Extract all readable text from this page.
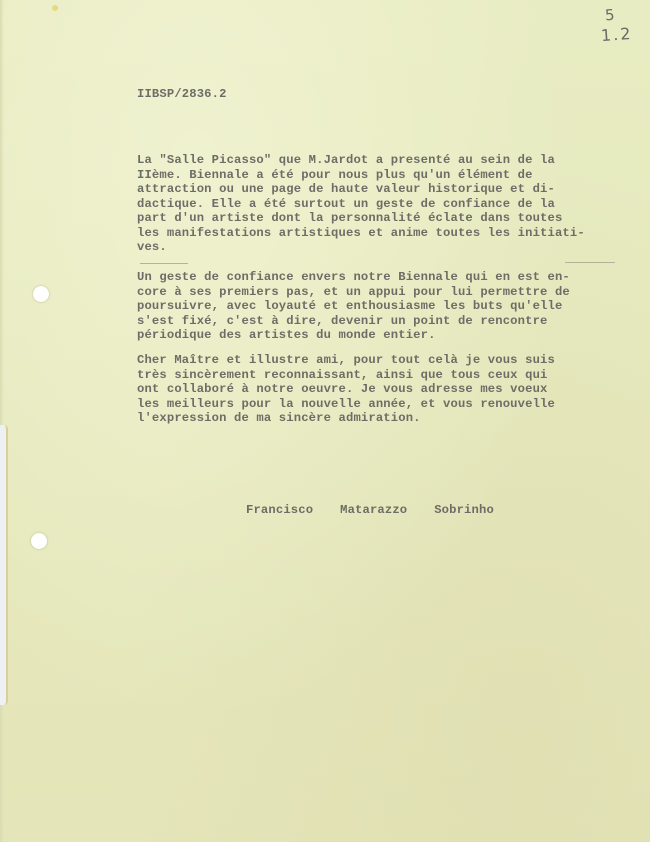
5
1.2
IIBSP/2836.2
La "Salle Picasso" que M.Jardot a presenté au sein de la
IIème. Biennale a été pour nous plus qu'un élément de
attraction ou une page de haute valeur historique et di-
dactique. Elle a été surtout un geste de confiance de la
part d'un artiste dont la personnalité éclate dans toutes
les manifestations artistiques et anime toutes les initiati-
ves.
Un geste de confiance envers notre Biennale qui en est en-
core à ses premiers pas, et un appui pour lui permettre de
poursuivre, avec loyauté et enthousiasme les buts qu'elle
s'est fixé, c'est à dire, devenir un point de rencontre
périodique des artistes du monde entier.
Cher Maître et illustre ami, pour tout celà je vous suis
très sincèrement reconnaissant, ainsi que tous ceux qui
ont collaboré à notre oeuvre. Je vous adresse mes voeux
les meilleurs pour la nouvelle année, et vous renouvelle
l'expression de ma sincère admiration.
Francisco  Matarazzo  Sobrinho
